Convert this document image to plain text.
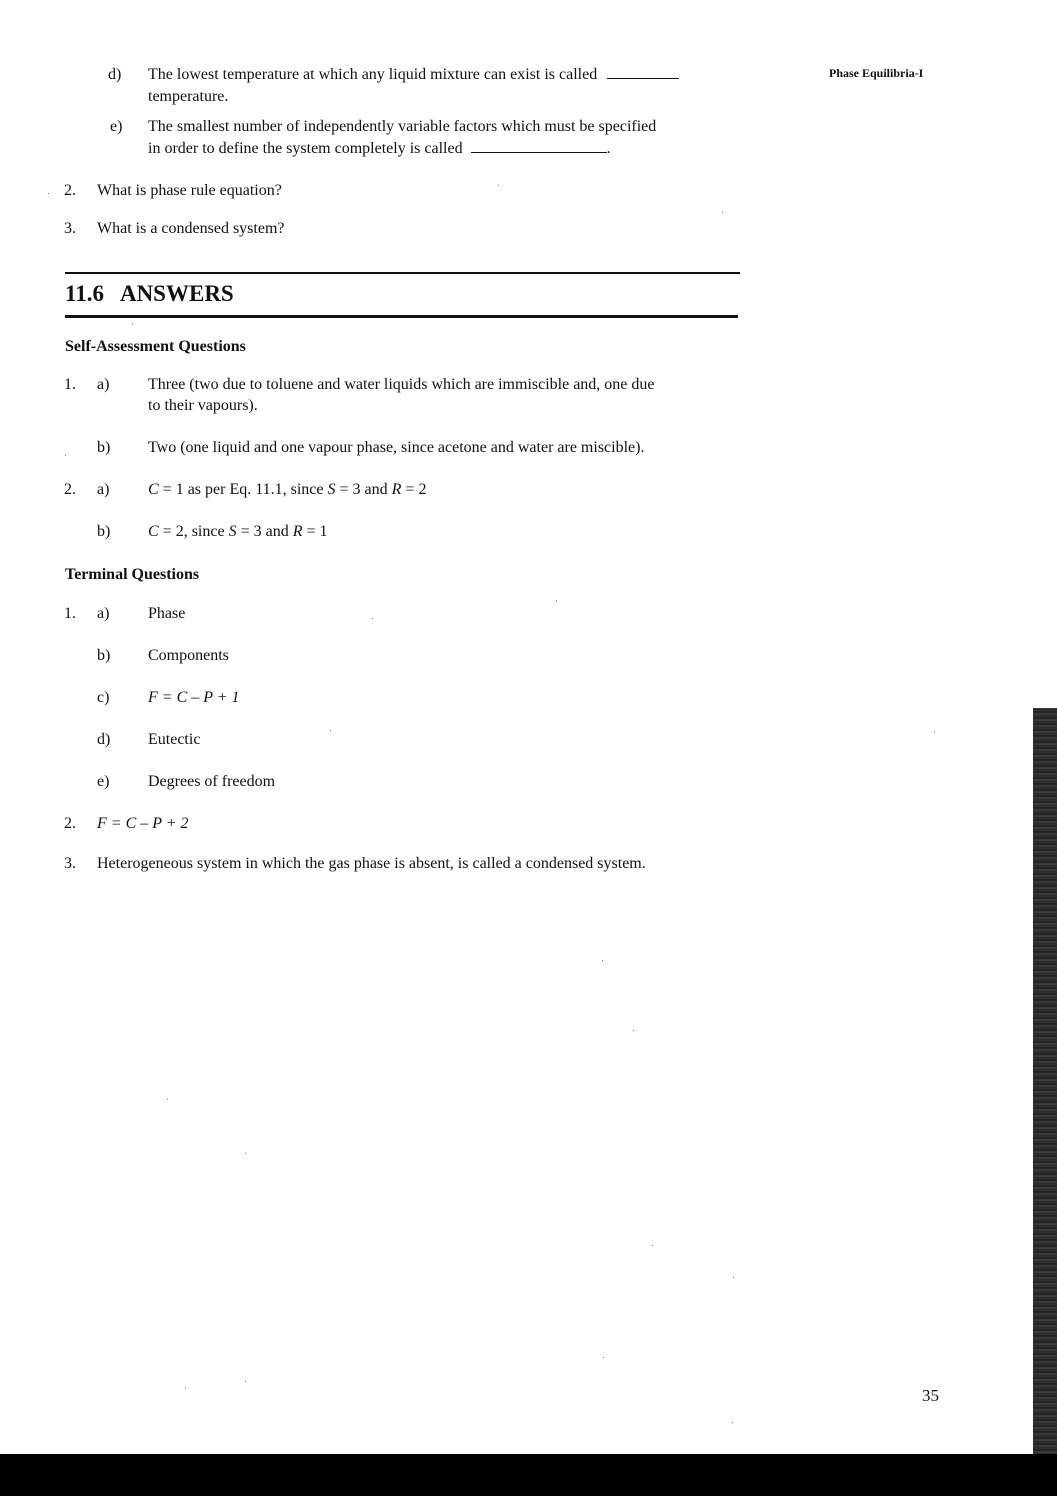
Phase Equilibria-I
d) The lowest temperature at which any liquid mixture can exist is called
temperature.
e) The smallest number of independently variable factors which must be specified
in order to define the system completely is called	.
2. What is phase rule equation?
3. What is a condensed system?
11.6   ANSWERS
Self-Assessment Questions
1. a) Three (two due to toluene and water liquids which are immiscible and, one due
to their vapours).
b) Two (one liquid and one vapour phase, since acetone and water are miscible).
2. a) C = 1 as per Eq. 11.1, since S = 3 and R = 2
b) C = 2, since S = 3 and R = 1
Terminal Questions
1. a) Phase
b) Components
c) F = C – P + 1
d) Eutectic
e) Degrees of freedom
2. F = C – P + 2
3. Heterogeneous system in which the gas phase is absent, is called a condensed system.
35
